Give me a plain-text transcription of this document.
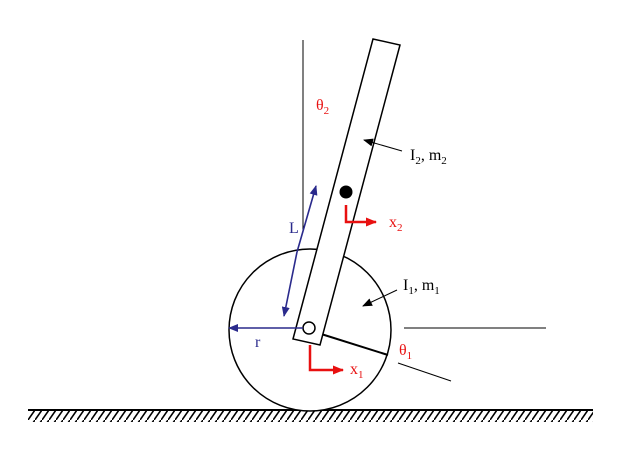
$\theta_2$
$I_2$, $m_2$
$x_2$
L
$I_1$, $m_1$
r	$\theta_1$
$x_1$
